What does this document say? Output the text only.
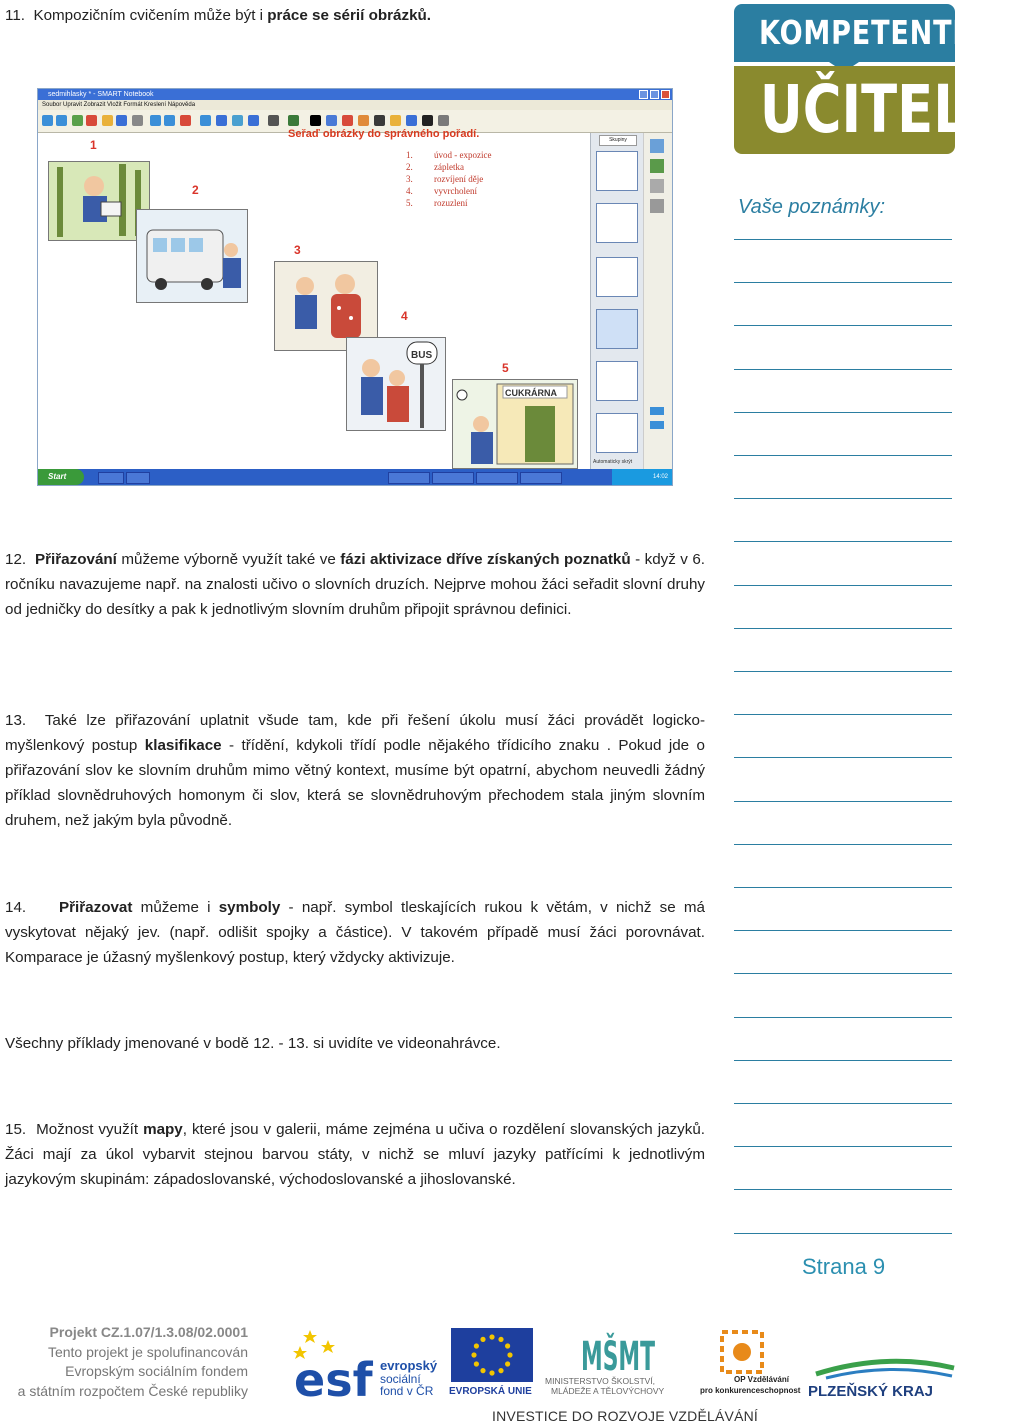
11. Kompozičním cvičením může být i práce se sérií obrázků.	KOMPETENTNÍ
UČITEL
Vaše poznámky:
sedmihlasky * - SMART Notebook
Soubor Upravit Zobrazit Vložit Formát Kreslení Nápověda
BUS
CUKRÁRNA
1
2
3
4
5
1.
2.
3.
4.
5.
úvod - expozice
zápletka
rozvíjení děje
vyvrcholení
rozuzlení
Seřaď obrázky do správného pořadí.	Skupiny
Automaticky skrýt
Start	14:02
12. Přiřazování můžeme výborně využít také ve fázi aktivizace dříve získaných poznatků - když v 6. ročníku navazujeme např. na znalosti učivo o slovních druzích. Nejprve mohou žáci seřadit slovní druhy od jedničky do desítky a pak k jednotlivým slovním druhům připojit správnou definici.
13. Také lze přiřazování uplatnit všude tam, kde při řešení úkolu musí žáci provádět logicko-myšlenkový postup klasifikace - třídění, kdykoli třídí podle nějakého třídicího znaku . Pokud jde o přiřazování slov ke slovním druhům mimo větný kontext, musíme být opatrní, abychom neuvedli žádný příklad slovnědruhových homonym či slov, která se slovnědruhovým přechodem stala jiným slovním druhem, než jakým byla původně.
14. Přiřazovat můžeme i symboly - např. symbol tleskajících rukou k větám, v nichž se má vyskytovat nějaký jev. (např. odlišit spojky a částice). V takovém případě musí žáci porovnávat. Komparace je úžasný myšlenkový postup, který vždycky aktivizuje.
Všechny příklady jmenované v bodě 12. - 13. si uvidíte ve videonahrávce.
15. Možnost využít mapy, které jsou v galerii, máme zejména u učiva o rozdělení slovanských jazyků. Žáci mají za úkol vybarvit stejnou barvou státy, v nichž se mluví jazyky patřícími k jednotlivým jazykovým skupinám: západoslovanské, východoslovanské a jihoslovanské.
Strana 9
Projekt CZ.1.07/1.3.08/02.0001
Tento projekt je spolufinancován
Evropským sociálním fondem
a státním rozpočtem České republiky esf evropský
sociální
fond v ČR EVROPSKÁ UNIE
MŠMT
MINISTERSTVO ŠKOLSTVÍ,
MLÁDEŽE A TĚLOVÝCHOVY
OP Vzdělávání
pro konkurenceschopnost PLZEŇSKÝ KRAJ
INVESTICE DO ROZVOJE VZDĚLÁVÁNÍ
